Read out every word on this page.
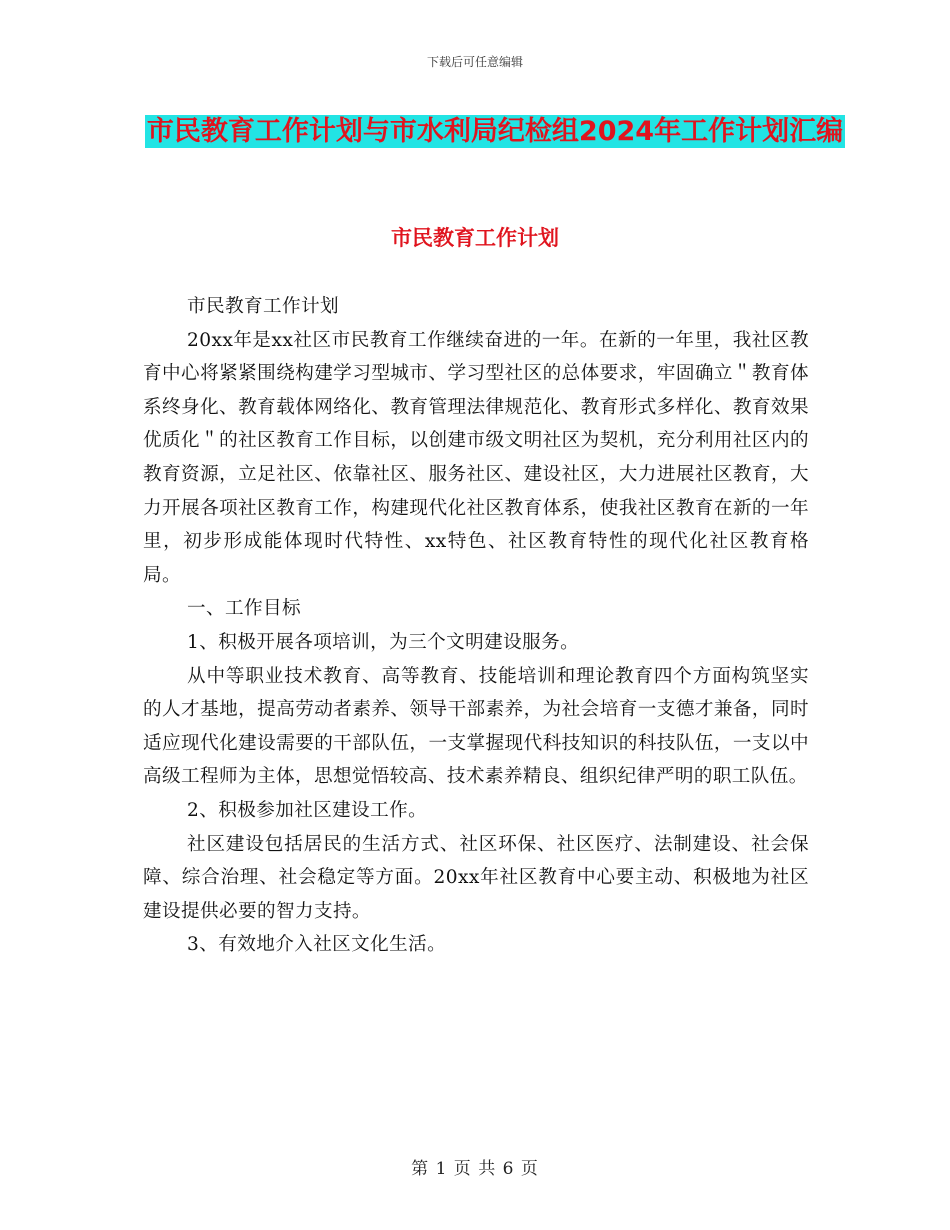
下载后可任意编辑
市民教育工作计划与市水利局纪检组2024年工作计划汇编
市民教育工作计划

市民教育工作计划

20xx年是xx社区市民教育工作继续奋进的一年。在新的一年里，我社区教育中心将紧紧围绕构建学习型城市、学习型社区的总体要求，牢固确立＂教育体系终身化、教育载体网络化、教育管理法律规范化、教育形式多样化、教育效果优质化＂的社区教育工作目标，以创建市级文明社区为契机，充分利用社区内的教育资源，立足社区、依靠社区、服务社区、建设社区，大力进展社区教育，大力开展各项社区教育工作，构建现代化社区教育体系，使我社区教育在新的一年里，初步形成能体现时代特性、xx特色、社区教育特性的现代化社区教育格局。

一、工作目标

1、积极开展各项培训，为三个文明建设服务。

从中等职业技术教育、高等教育、技能培训和理论教育四个方面构筑坚实的人才基地，提高劳动者素养、领导干部素养，为社会培育一支德才兼备，同时适应现代化建设需要的干部队伍，一支掌握现代科技知识的科技队伍，一支以中高级工程师为主体，思想觉悟较高、技术素养精良、组织纪律严明的职工队伍。

2、积极参加社区建设工作。

社区建设包括居民的生活方式、社区环保、社区医疗、法制建设、社会保障、综合治理、社会稳定等方面。20xx年社区教育中心要主动、积极地为社区建设提供必要的智力支持。

3、有效地介入社区文化生活。

第 1 页 共 6 页
